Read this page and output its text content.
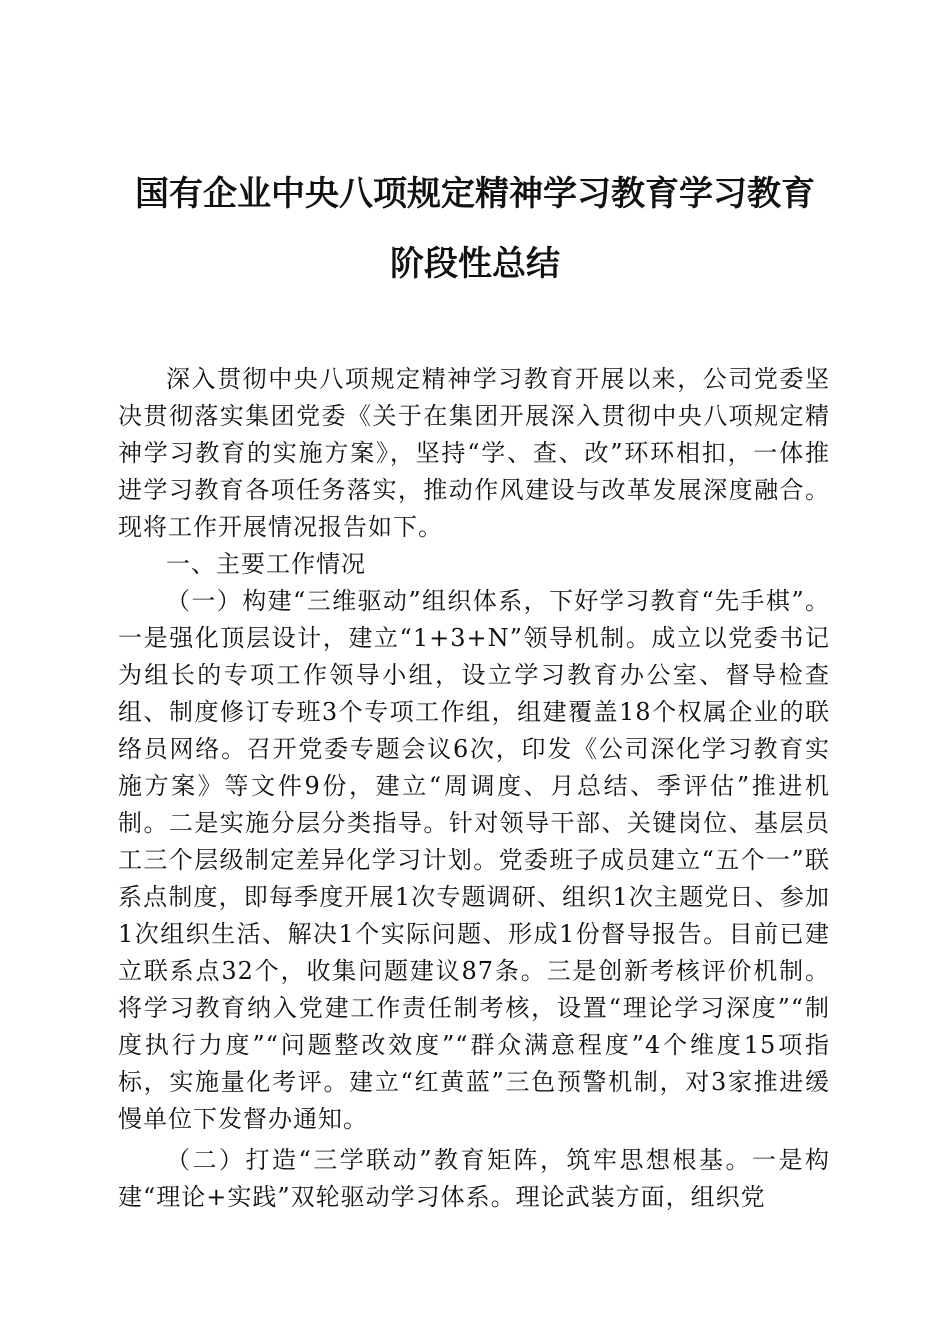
国有企业中央八项规定精神学习教育学习教育
阶段性总结

深入贯彻中央八项规定精神学习教育开展以来，公司党委坚决贯彻落实集团党委《关于在集团开展深入贯彻中央八项规定精神学习教育的实施方案》，坚持“学、查、改”环环相扣，一体推进学习教育各项任务落实，推动作风建设与改革发展深度融合。现将工作开展情况报告如下。

一、主要工作情况

（一）构建“三维驱动”组织体系，下好学习教育“先手棋”。一是强化顶层设计，建立“1+3+N”领导机制。成立以党委书记为组长的专项工作领导小组，设立学习教育办公室、督导检查组、制度修订专班3个专项工作组，组建覆盖18个权属企业的联络员网络。召开党委专题会议6次，印发《公司深化学习教育实施方案》等文件9份，建立“周调度、月总结、季评估”推进机制。二是实施分层分类指导。针对领导干部、关键岗位、基层员工三个层级制定差异化学习计划。党委班子成员建立“五个一”联系点制度，即每季度开展1次专题调研、组织1次主题党日、参加1次组织生活、解决1个实际问题、形成1份督导报告。目前已建立联系点32个，收集问题建议87条。三是创新考核评价机制。将学习教育纳入党建工作责任制考核，设置“理论学习深度”“制度执行力度”“问题整改效度”“群众满意程度”4个维度15项指标，实施量化考评。建立“红黄蓝”三色预警机制，对3家推进缓慢单位下发督办通知。

（二）打造“三学联动”教育矩阵，筑牢思想根基。一是构建“理论+实践”双轮驱动学习体系。理论武装方面，组织党
